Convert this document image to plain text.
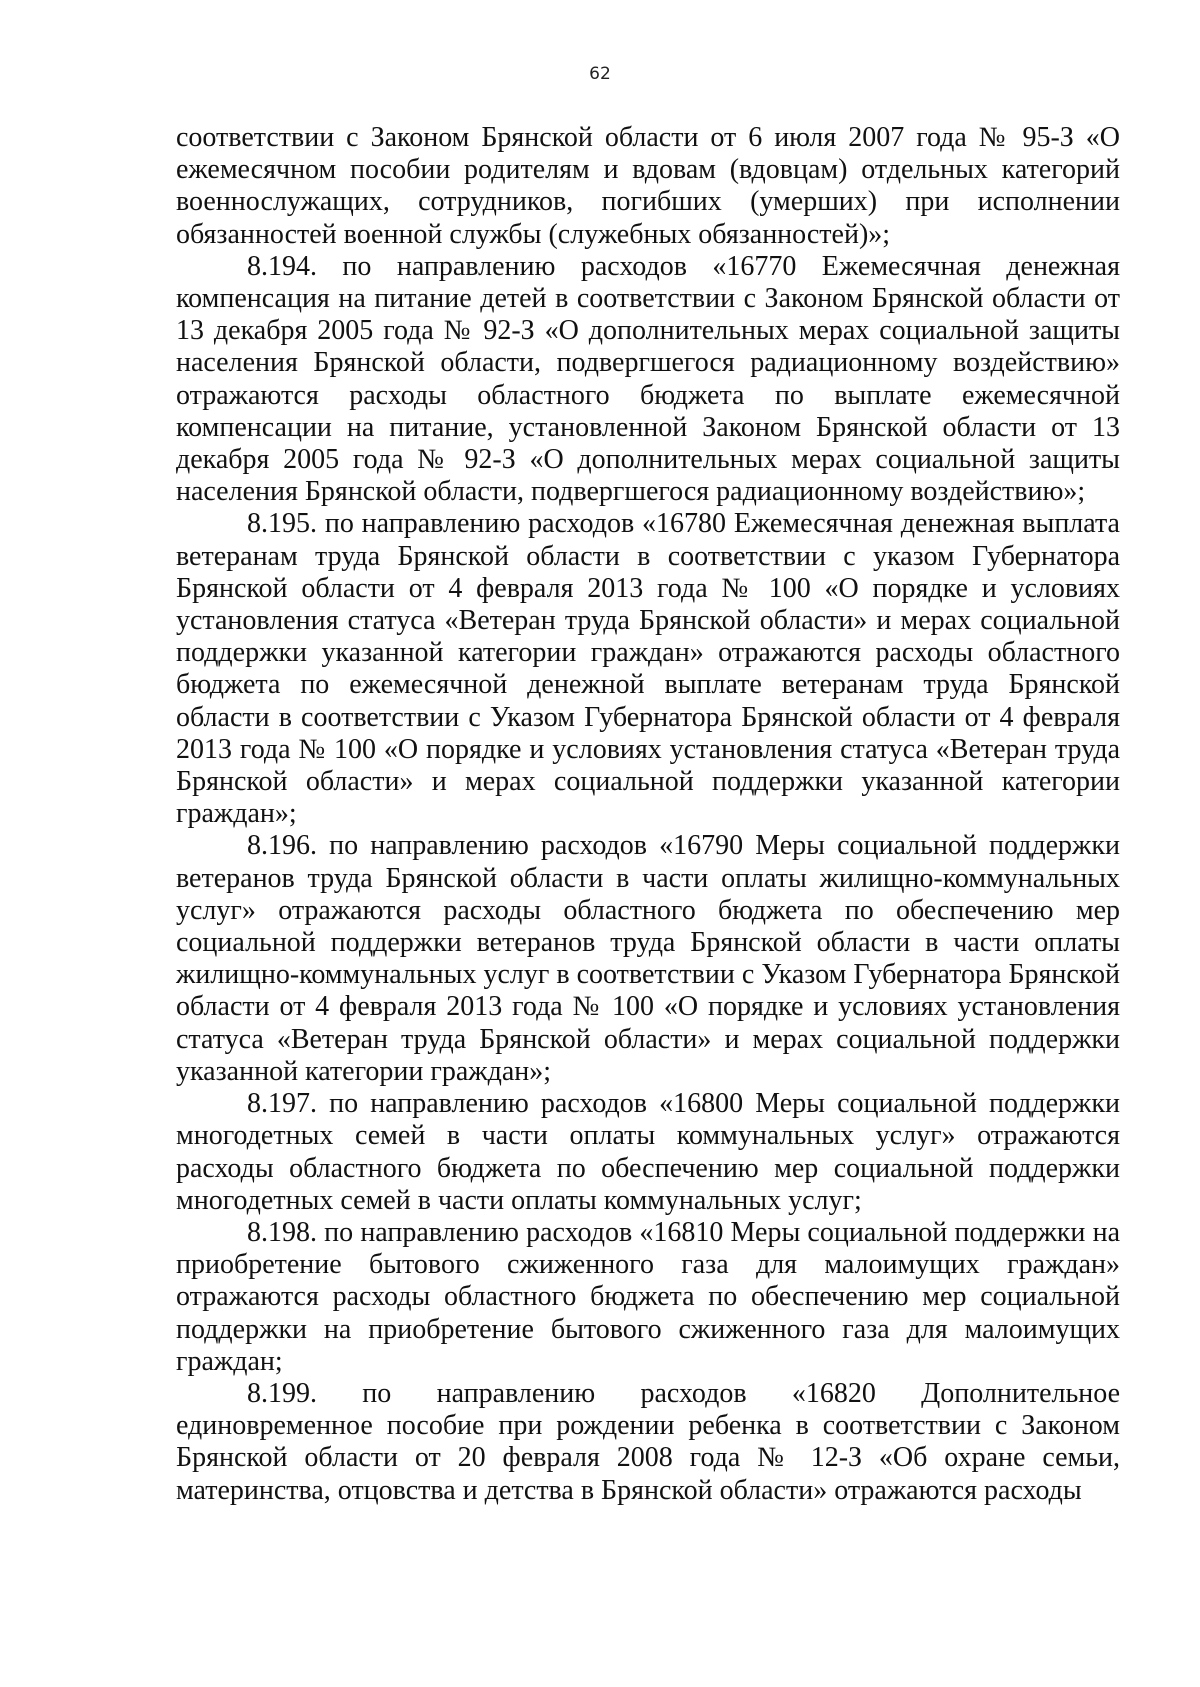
62

соответствии с Законом Брянской области от 6 июля 2007 года № 95-З «О ежемесячном пособии родителям и вдовам (вдовцам) отдельных категорий военнослужащих, сотрудников, погибших (умерших) при исполнении обязанностей военной службы (служебных обязанностей)»;

8.194. по направлению расходов «16770 Ежемесячная денежная компенсация на питание детей в соответствии с Законом Брянской области от 13 декабря 2005 года № 92-З «О дополнительных мерах социальной защиты населения Брянской области, подвергшегося радиационному воздействию» отражаются расходы областного бюджета по выплате ежемесячной компенсации на питание, установленной Законом Брянской области от 13 декабря 2005 года № 92-З «О дополнительных мерах социальной защиты населения Брянской области, подвергшегося радиационному воздействию»;

8.195. по направлению расходов «16780 Ежемесячная денежная выплата ветеранам труда Брянской области в соответствии с указом Губернатора Брянской области от 4 февраля 2013 года № 100 «О порядке и условиях установления статуса «Ветеран труда Брянской области» и мерах социальной поддержки указанной категории граждан» отражаются расходы областного бюджета по ежемесячной денежной выплате ветеранам труда Брянской области в соответствии с Указом Губернатора Брянской области от 4 февраля 2013 года № 100 «О порядке и условиях установления статуса «Ветеран труда Брянской области» и мерах социальной поддержки указанной категории граждан»;

8.196. по направлению расходов «16790 Меры социальной поддержки ветеранов труда Брянской области в части оплаты жилищно-коммунальных услуг» отражаются расходы областного бюджета по обеспечению мер социальной поддержки ветеранов труда Брянской области в части оплаты жилищно-коммунальных услуг в соответствии с Указом Губернатора Брянской области от 4 февраля 2013 года № 100 «О порядке и условиях установления статуса «Ветеран труда Брянской области» и мерах социальной поддержки указанной категории граждан»;

8.197. по направлению расходов «16800 Меры социальной поддержки многодетных семей в части оплаты коммунальных услуг» отражаются расходы областного бюджета по обеспечению мер социальной поддержки многодетных семей в части оплаты коммунальных услуг;

8.198. по направлению расходов «16810 Меры социальной поддержки на приобретение бытового сжиженного газа для малоимущих граждан» отражаются расходы областного бюджета по обеспечению мер социальной поддержки на приобретение бытового сжиженного газа для малоимущих граждан;

8.199. по направлению расходов «16820 Дополнительное единовременное пособие при рождении ребенка в соответствии с Законом Брянской области от 20 февраля 2008 года № 12-З «Об охране семьи, материнства, отцовства и детства в Брянской области» отражаются расходы
